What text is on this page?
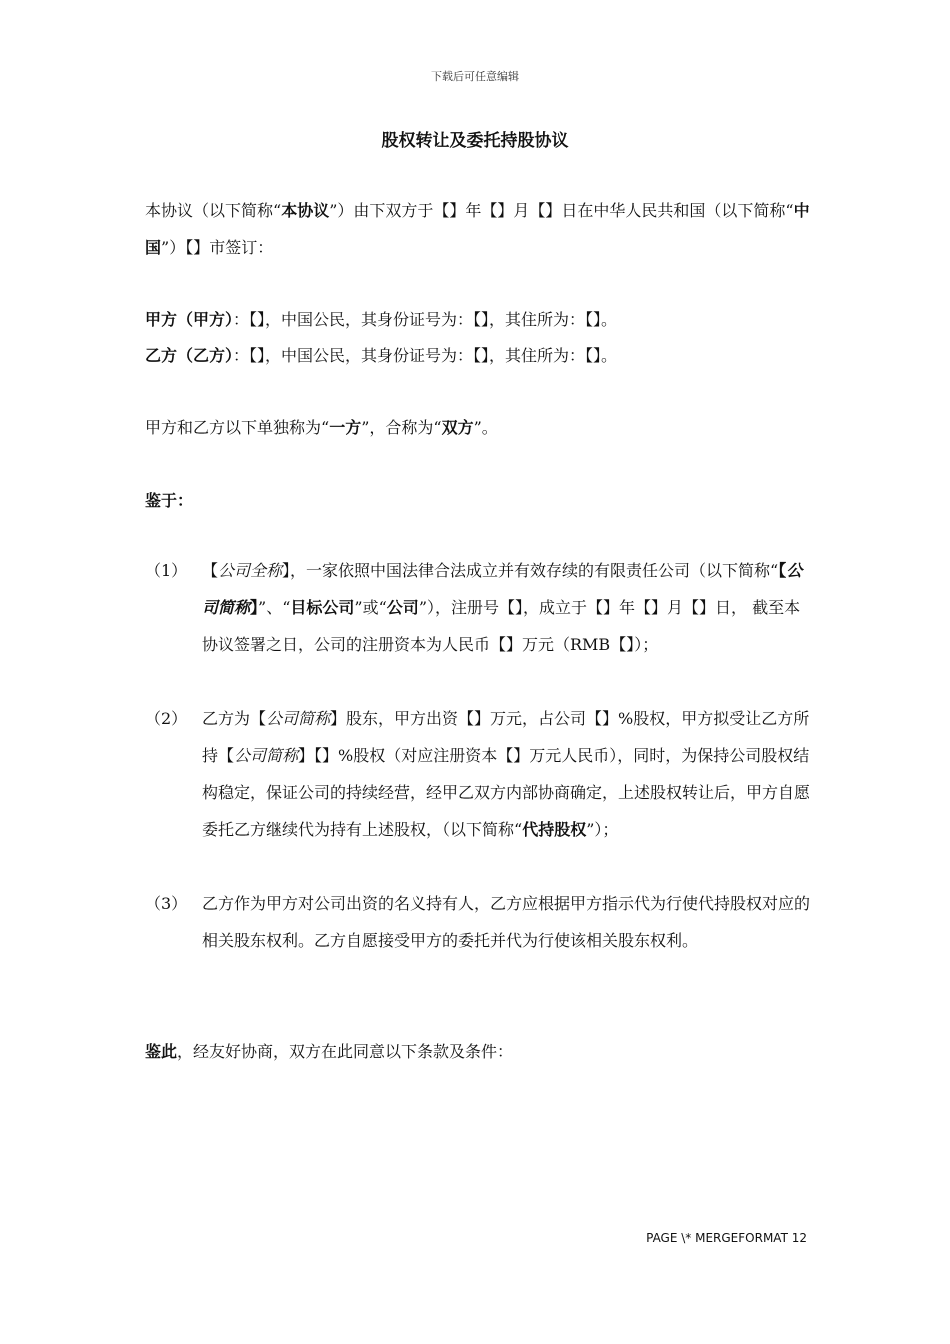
下载后可任意编辑
股权转让及委托持股协议
本协议（以下简称“本协议”）由下双方于【】年【】月【】日在中华人民共和国（以下简称“中国”）【】市签订：
甲方（甲方）：【】，中国公民，其身份证号为：【】，其住所为：【】。
乙方（乙方）：【】，中国公民，其身份证号为：【】，其住所为：【】。
甲方和乙方以下单独称为“一方”，合称为“双方”。
鉴于：
（1） 【公司全称】，一家依照中国法律合法成立并有效存续的有限责任公司（以下简称“【公司简称】”、“目标公司”或“公司”），注册号【】，成立于【】年【】月【】日， 截至本协议签署之日，公司的注册资本为人民币【】万元（RMB【】）；
（2） 乙方为【公司简称】股东，甲方出资【】万元，占公司【】%股权，甲方拟受让乙方所持【公司简称】【】%股权（对应注册资本【】万元人民币），同时，为保持公司股权结构稳定，保证公司的持续经营，经甲乙双方内部协商确定，上述股权转让后，甲方自愿委托乙方继续代为持有上述股权，（以下简称“代持股权”）；
（3） 乙方作为甲方对公司出资的名义持有人，乙方应根据甲方指示代为行使代持股权对应的相关股东权利。乙方自愿接受甲方的委托并代为行使该相关股东权利。
鉴此，经友好协商，双方在此同意以下条款及条件：
PAGE \* MERGEFORMAT 12
